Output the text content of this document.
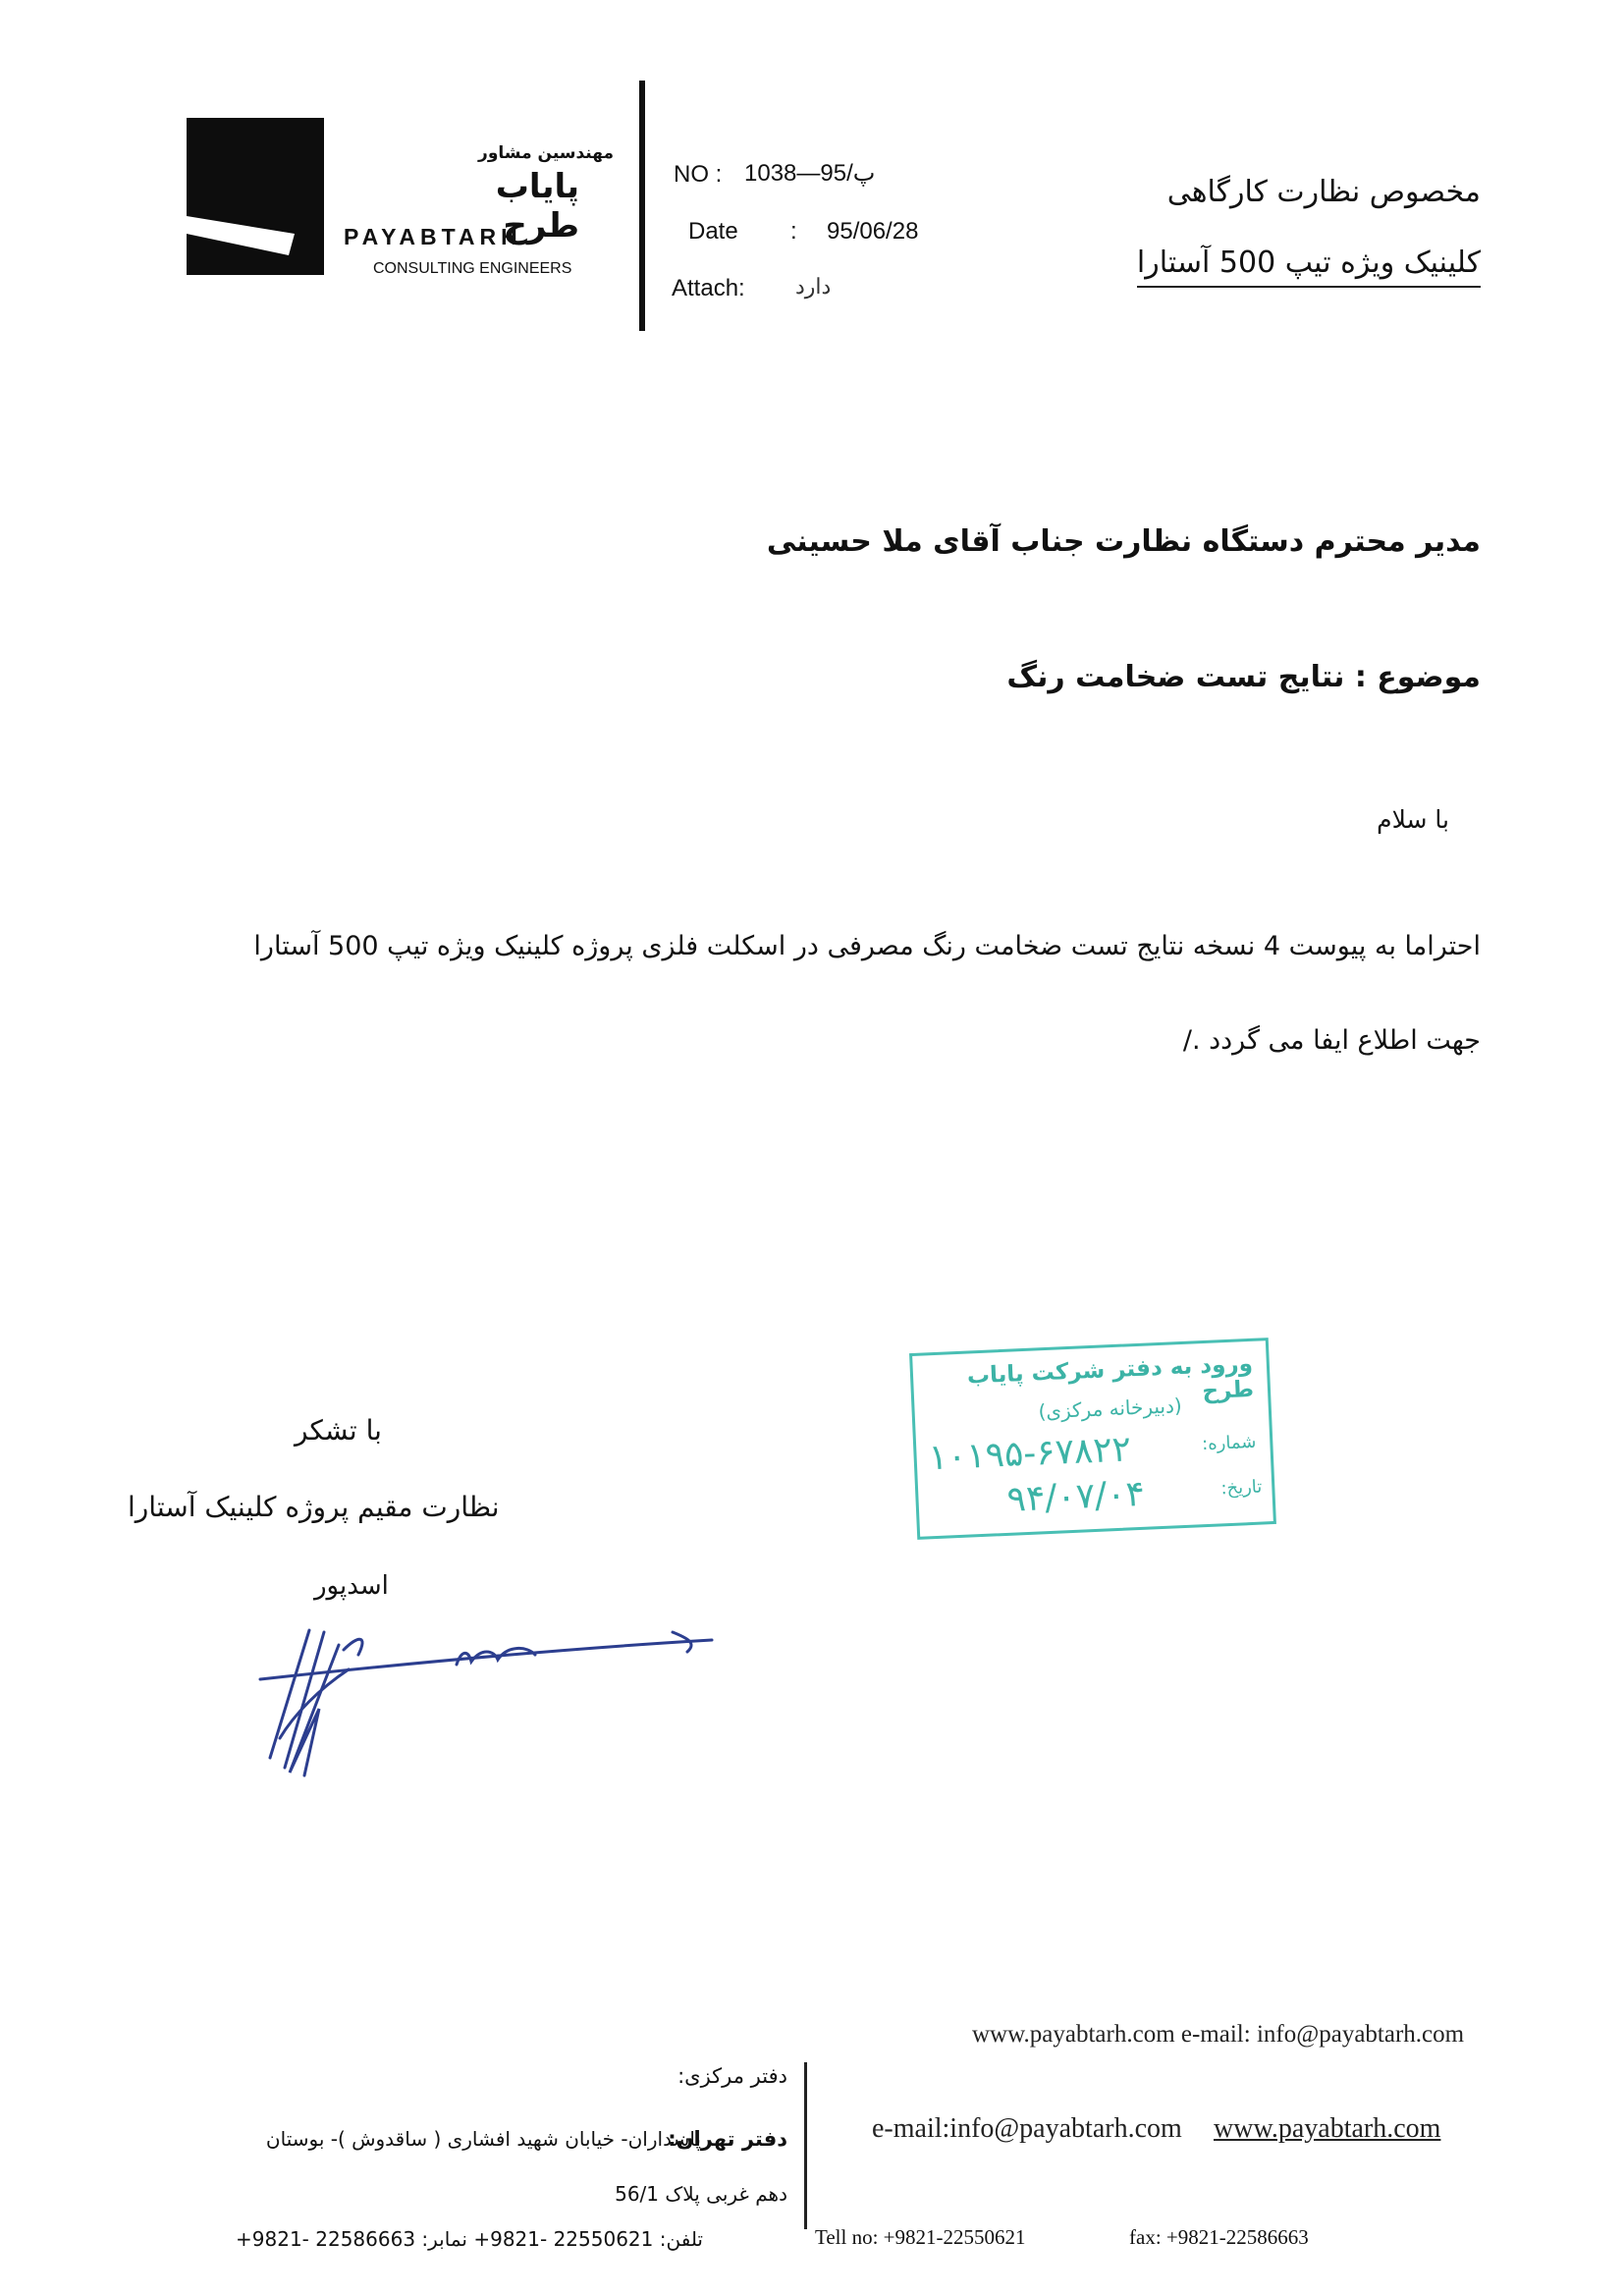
مهندسین مشاور
پایاب طرح
PAYABTARH
CONSULTING ENGINEERS
NO : پ/95—1038
Date : 95/06/28
Attach: دارد
مخصوص نظارت کارگاهی
کلینیک ویژه تیپ 500 آستارا
مدیر محترم دستگاه نظارت جناب آقای ملا حسینی
موضوع : نتایج تست ضخامت رنگ
با سلام
احتراما به پیوست 4 نسخه نتایج تست ضخامت رنگ مصرفی در اسکلت فلزی پروژه کلینیک ویژه تیپ 500 آستارا
جهت اطلاع ایفا می گردد ./
با تشکر
نظارت مقیم پروژه کلینیک آستارا
اسدپور
ورود به دفتر شرکت پایاب طرح
(دبیرخانه مرکزی)
شماره:
۱۰۱۹۵-۶۷۸۲۲
تاریخ:
۹۴/۰۷/۰۴
www.payabtarh.com e-mail: info@payabtarh.com
دفتر مرکزی:
دفتر تهران:
پاسداران- خیابان شهید افشاری ( ساقدوش )- بوستان
دهم غربی پلاک 56/1
e-mail:info@payabtarh.com www.payabtarh.com
تلفن: 22550621 -9821+ نمابر: 22586663 -9821+	Tell no: +9821-22550621	fax: +9821-22586663
